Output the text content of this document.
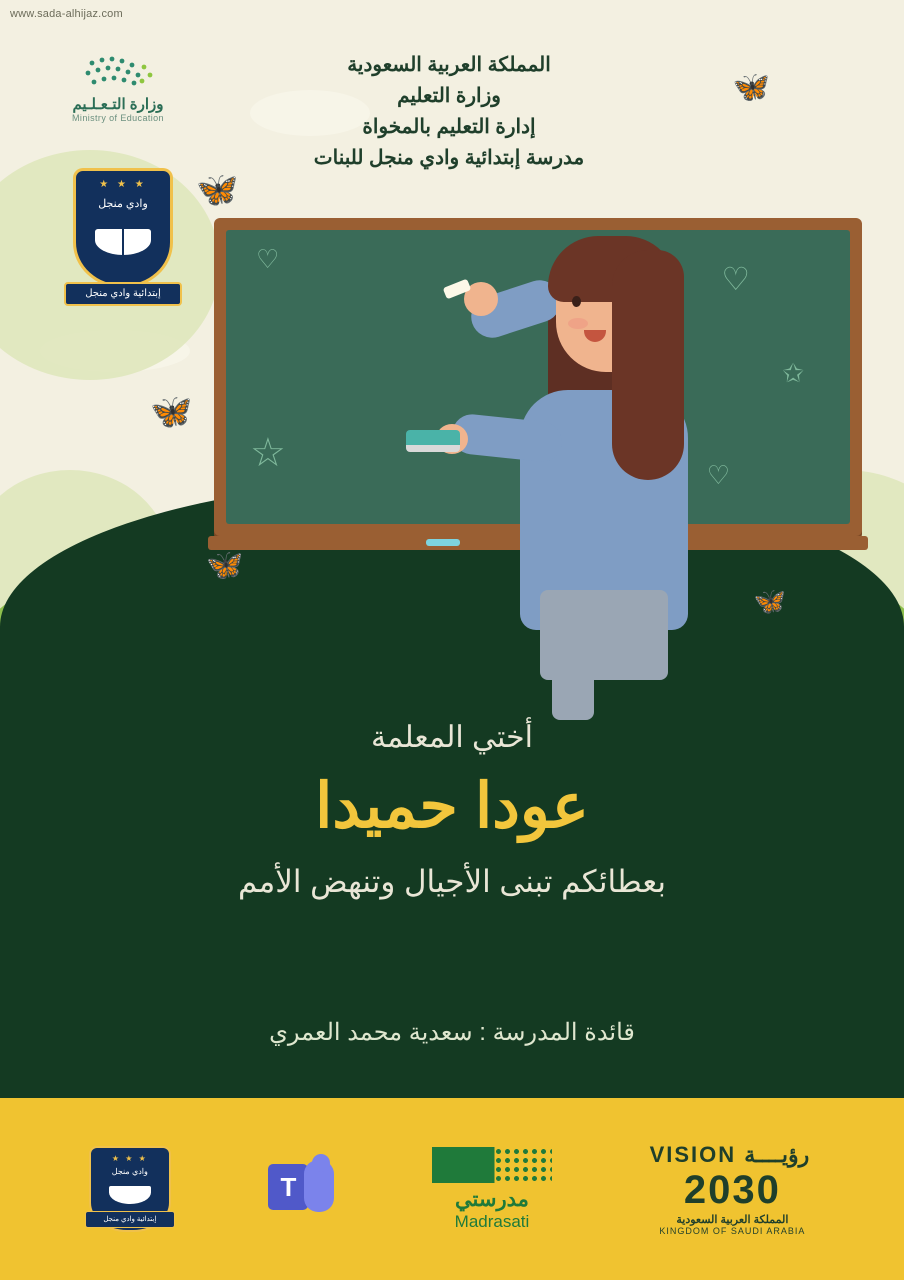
www.sada-alhijaz.com
وزارة التـعـلـيم
Ministry of Education
★ ★ ★
وادي منجل
إبتدائية وادي منجل
المملكة العربية السعودية
وزارة التعليم
إدارة التعليم بالمخواة
مدرسة إبتدائية وادي منجل للبنات
♡
☆
♡
✩
♡
🦋
🦋
🦋
🦋
🦋
أختي المعلمة
عودا حميدا
بعطائكم تبنى الأجيال وتنهض الأمم
قائدة المدرسة : سعدية محمد العمري
VISION رؤيــــة
2030
المملكة العربية السعودية
KINGDOM OF SAUDI ARABIA
مدرستي
Madrasati
T
★ ★ ★
وادي منجل
إبتدائية وادي منجل
